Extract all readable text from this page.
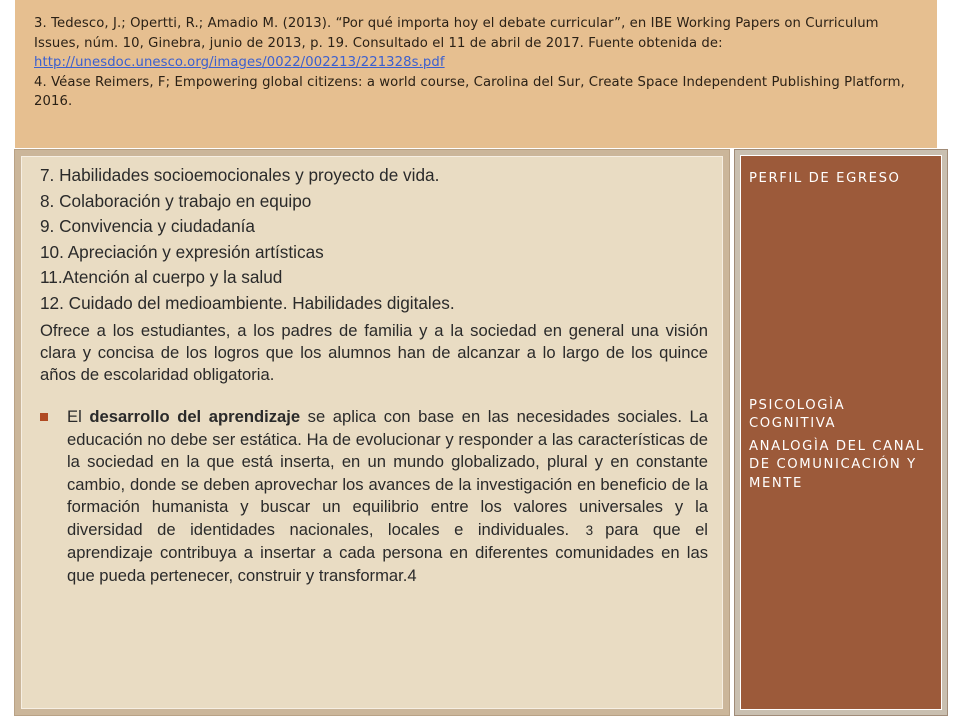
3. Tedesco, J.; Opertti, R.; Amadio M. (2013). “Por qué importa hoy el debate curricular”, en IBE Working Papers on Curriculum Issues, núm. 10, Ginebra, junio de 2013, p. 19. Consultado el 11 de abril de 2017. Fuente obtenida de: http://unesdoc.unesco.org/images/0022/002213/221328s.pdf

4. Véase Reimers, F; Empowering global citizens: a world course, Carolina del Sur, Create Space Independent Publishing Platform, 2016.

7. Habilidades socioemocionales y proyecto de vida.

8. Colaboración y trabajo en equipo

9. Convivencia y ciudadanía

10. Apreciación y expresión artísticas

11.Atención al cuerpo y la salud

12. Cuidado del medioambiente. Habilidades digitales.

Ofrece a los estudiantes, a los padres de familia y a la sociedad en general una visión clara y concisa de los logros que los alumnos han de alcanzar a lo largo de los quince años de escolaridad obligatoria.

El desarrollo del aprendizaje se aplica con base en las necesidades sociales. La educación no debe ser estática. Ha de evolucionar y responder a las características de la sociedad en la que está inserta, en un mundo globalizado, plural y en constante cambio, donde se deben aprovechar los avances de la investigación en beneficio de la formación humanista y buscar un equilibrio entre los valores universales y la diversidad de identidades nacionales, locales e individuales. 3 para que el aprendizaje contribuya a insertar a cada persona en diferentes comunidades en las que pueda pertenecer, construir y transformar.4

PERFIL DE EGRESO

PSICOLOGÌA COGNITIVA

ANALOGÌA DEL CANAL DE COMUNICACIÓN Y MENTE
